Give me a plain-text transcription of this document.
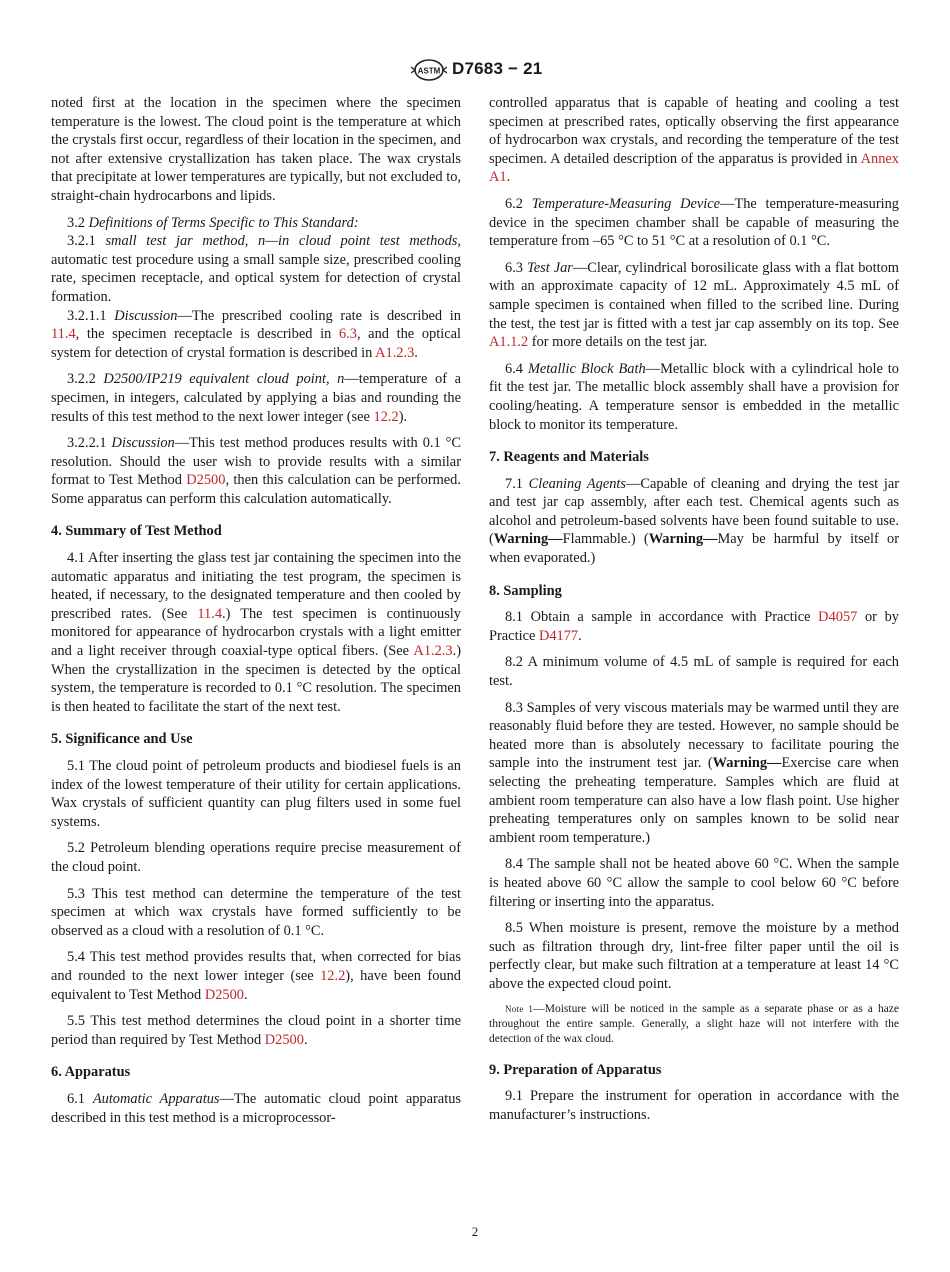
ASTM D7683 − 21

noted first at the location in the specimen where the specimen temperature is the lowest. The cloud point is the temperature at which the crystals first occur, regardless of their location in the specimen, and not after extensive crystallization has taken place. The wax crystals that precipitate at lower temperatures are typically, but not excluded to, straight-chain hydrocarbons and lipids.

3.2 Definitions of Terms Specific to This Standard:

3.2.1 small test jar method, n—in cloud point test methods, automatic test procedure using a small sample size, prescribed cooling rate, specimen receptacle, and optical system for detection of crystal formation.

3.2.1.1 Discussion—The prescribed cooling rate is described in 11.4, the specimen receptacle is described in 6.3, and the optical system for detection of crystal formation is described in A1.2.3.

3.2.2 D2500/IP219 equivalent cloud point, n—temperature of a specimen, in integers, calculated by applying a bias and rounding the results of this test method to the next lower integer (see 12.2).

3.2.2.1 Discussion—This test method produces results with 0.1 °C resolution. Should the user wish to provide results with a similar format to Test Method D2500, then this calculation can be performed. Some apparatus can perform this calculation automatically.

4. Summary of Test Method

4.1 After inserting the glass test jar containing the specimen into the automatic apparatus and initiating the test program, the specimen is heated, if necessary, to the designated temperature and then cooled by prescribed rates. (See 11.4.) The test specimen is continuously monitored for appearance of hydrocarbon crystals with a light emitter and a light receiver through coaxial-type optical fibers. (See A1.2.3.) When the crystallization in the specimen is detected by the optical system, the temperature is recorded to 0.1 °C resolution. The specimen is then heated to facilitate the start of the next test.

5. Significance and Use

5.1 The cloud point of petroleum products and biodiesel fuels is an index of the lowest temperature of their utility for certain applications. Wax crystals of sufficient quantity can plug filters used in some fuel systems.

5.2 Petroleum blending operations require precise measurement of the cloud point.

5.3 This test method can determine the temperature of the test specimen at which wax crystals have formed sufficiently to be observed as a cloud with a resolution of 0.1 °C.

5.4 This test method provides results that, when corrected for bias and rounded to the next lower integer (see 12.2), have been found equivalent to Test Method D2500.

5.5 This test method determines the cloud point in a shorter time period than required by Test Method D2500.

6. Apparatus

6.1 Automatic Apparatus—The automatic cloud point apparatus described in this test method is a microprocessor-

controlled apparatus that is capable of heating and cooling a test specimen at prescribed rates, optically observing the first appearance of hydrocarbon wax crystals, and recording the temperature of the test specimen. A detailed description of the apparatus is provided in Annex A1.

6.2 Temperature-Measuring Device—The temperature-measuring device in the specimen chamber shall be capable of measuring the temperature from –65 °C to 51 °C at a resolution of 0.1 °C.

6.3 Test Jar—Clear, cylindrical borosilicate glass with a flat bottom with an approximate capacity of 12 mL. Approximately 4.5 mL of sample specimen is contained when filled to the scribed line. During the test, the test jar is fitted with a test jar cap assembly on its top. See A1.1.2 for more details on the test jar.

6.4 Metallic Block Bath—Metallic block with a cylindrical hole to fit the test jar. The metallic block assembly shall have a provision for cooling/heating. A temperature sensor is embedded in the metallic block to monitor its temperature.

7. Reagents and Materials

7.1 Cleaning Agents—Capable of cleaning and drying the test jar and test jar cap assembly, after each test. Chemical agents such as alcohol and petroleum-based solvents have been found suitable to use. (Warning—Flammable.) (Warning—May be harmful by itself or when evaporated.)

8. Sampling

8.1 Obtain a sample in accordance with Practice D4057 or by Practice D4177.

8.2 A minimum volume of 4.5 mL of sample is required for each test.

8.3 Samples of very viscous materials may be warmed until they are reasonably fluid before they are tested. However, no sample should be heated more than is absolutely necessary to facilitate pouring the sample into the instrument test jar. (Warning—Exercise care when selecting the preheating temperature. Samples which are fluid at ambient room temperature can also have a low flash point. Use higher preheating temperatures only on samples known to be solid near ambient room temperature.)

8.4 The sample shall not be heated above 60 °C. When the sample is heated above 60 °C allow the sample to cool below 60 °C before filtering or inserting into the apparatus.

8.5 When moisture is present, remove the moisture by a method such as filtration through dry, lint-free filter paper until the oil is perfectly clear, but make such filtration at a temperature at least 14 °C above the expected cloud point.

Note 1—Moisture will be noticed in the sample as a separate phase or as a haze throughout the entire sample. Generally, a slight haze will not interfere with the detection of the wax cloud.

9. Preparation of Apparatus

9.1 Prepare the instrument for operation in accordance with the manufacturer’s instructions.

2
